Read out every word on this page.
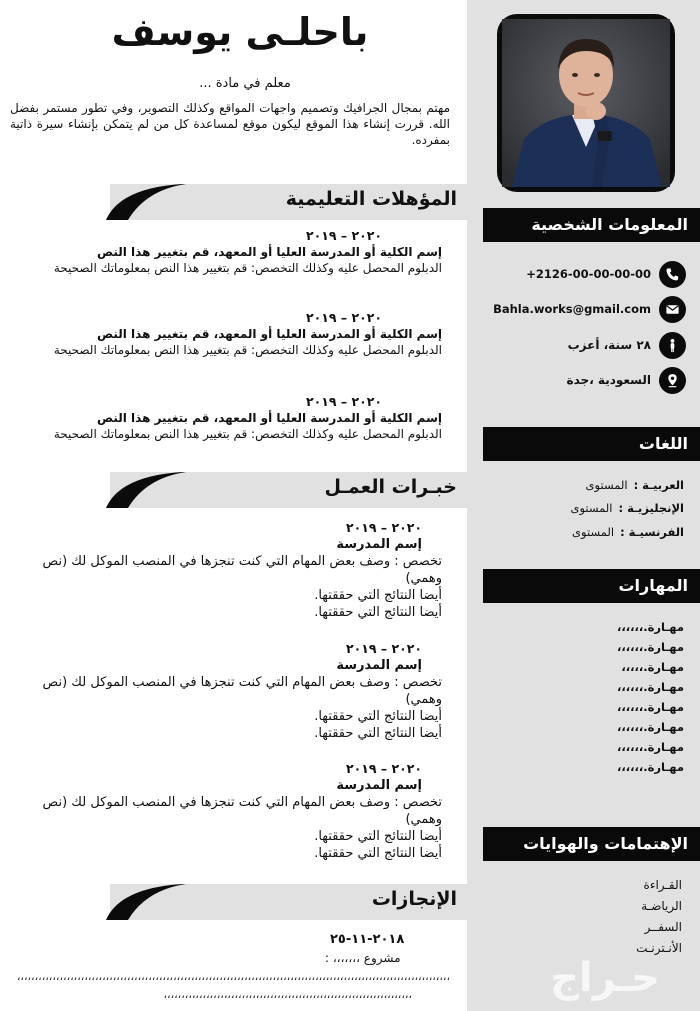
المعلومات الشخصية
+2126-00-00-00-00
Bahla.works@gmail.com
٢٨ سنة، أعزب
السعودية ،جدة
اللغات
العربيـة :المستوى
الإنجليزيـة :المستوى
الفرنسيـة :المستوى
المهارات
مهـارة.،،،،،،
مهـارة.،،،،،،
مهـارة.،،،،،
مهـارة.،،،،،،
مهـارة.،،،،،،
مهـارة.،،،،،،
مهـارة.،،،،،،
مهـارة.،،،،،،
الإهتمامات والهوايات
القـراءة
الرياضـة
السفــر
الأنـترنـت
حـراج
باحلـى يوسف
معلم في مادة ...
مهتم بمجال الجرافيك وتصميم واجهات المواقع وكذلك التصوير، وفي تطور مستمر بفضل الله. قررت إنشاء هذا الموقع ليكون موقع لمساعدة كل من لم يتمكن بإنشاء سيرة ذاتية بمفرده.
المؤهلات التعليمية
٢٠٢٠ – ٢٠١٩
إسم الكلية أو المدرسة العليا أو المعهد، قم بتغيير هذا النص
الدبلوم المحصل عليه وكذلك التخصص: قم بتغيير هذا النص بمعلوماتك الصحيحة
٢٠٢٠ – ٢٠١٩
إسم الكلية أو المدرسة العليا أو المعهد، قم بتغيير هذا النص
الدبلوم المحصل عليه وكذلك التخصص: قم بتغيير هذا النص بمعلوماتك الصحيحة
٢٠٢٠ – ٢٠١٩
إسم الكلية أو المدرسة العليا أو المعهد، قم بتغيير هذا النص
الدبلوم المحصل عليه وكذلك التخصص: قم بتغيير هذا النص بمعلوماتك الصحيحة
خبـرات العمـل
٢٠٢٠ – ٢٠١٩
إسم المدرسة
تخصص : وصف بعض المهام التي كنت تنجزها في المنصب الموكل لك (نص وهمي)
أيضا النتائج التي حققتها.
أيضا النتائج التي حققتها.
٢٠٢٠ – ٢٠١٩
إسم المدرسة
تخصص : وصف بعض المهام التي كنت تنجزها في المنصب الموكل لك (نص وهمي)
أيضا النتائج التي حققتها.
أيضا النتائج التي حققتها.
٢٠٢٠ – ٢٠١٩
إسم المدرسة
تخصص : وصف بعض المهام التي كنت تنجزها في المنصب الموكل لك (نص وهمي)
أيضا النتائج التي حققتها.
أيضا النتائج التي حققتها.
الإنجازات
٢٠١٨-١١-٢٥
مشروع ،،،،،،، :
،،،،،،،،،،،،،،،،،،،،،،،،،،،،،،،،،،،،،،،،،،،،،،،،،،،،،،،،،،،،،،،،،،،،،،،،،،،،،،،،،،،،،،،،،،،،،،،،،،،،،،،،،،،،،،،،،،،،،،،،،،
،،،،،،،،،،،،،،،،،،،،،،،،،،،،،،،،،،،،،،،،،،،،،،،،،،،،،،،،،،،،،،،،،،،،،،
